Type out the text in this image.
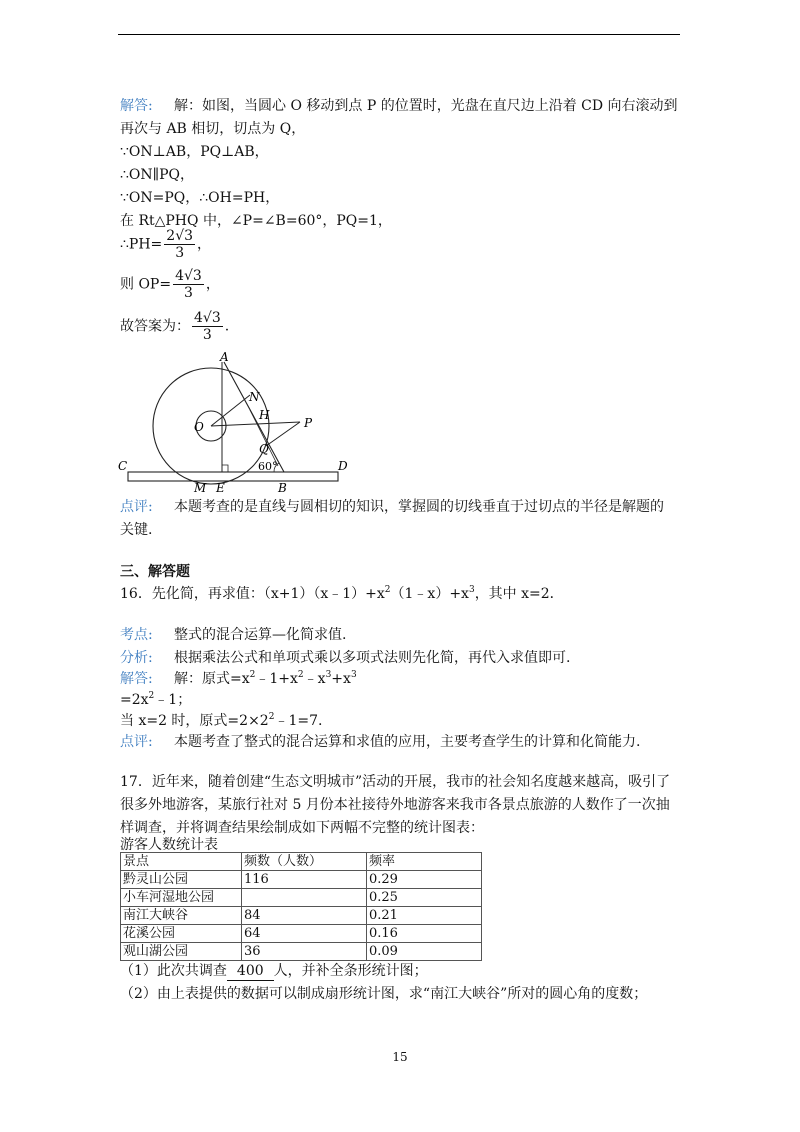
解答: 解：如图，当圆心 O 移动到点 P 的位置时，光盘在直尺边上沿着 CD 向右滚动到
再次与 AB 相切，切点为 Q，
∵ON⊥AB，PQ⊥AB，
∴ON∥PQ，
∵ON=PQ，∴OH=PH，
在 Rt△PHQ 中，∠P=∠B=60°，PQ=1，
∴PH= $\frac{2√3}{3}$ ，
则 $OP= \frac{4√3}{3}$ ，
故答案为： $\frac{4√3}{3}$ .
A
N
H
O	P
Q
60°
C
M E	B
D
点评: 本题考查的是直线与圆相切的知识，掌握圆的切线垂直于过切点的半径是解题的
关键.
三、解答题
16．先化简，再求值：$(x+1)(x﹣1)+x^2(1﹣x)+x^3$，其中 x=2．
考点: 整式的混合运算—化简求值.
分析: 根据乘法公式和单项式乘以多项式法则先化简，再代入求值即可.
解答: 解：原式$=x^2﹣1+x^2﹣x^3+x^3$
$=2x^2﹣1$；
当 x=2 时，原式$=2\times 2^2﹣1=7$.
点评: 本题考查了整式的混合运算和求值的应用，主要考查学生的计算和化简能力.
17．近年来，随着创建“生态文明城市”活动的开展，我市的社会知名度越来越高，吸引了
很多外地游客，某旅行社对 5 月份本社接待外地游客来我市各景点旅游的人数作了一次抽
样调查，并将调查结果绘制成如下两幅不完整的统计图表：
游客人数统计表
景点	频数（人数）	频率
黔灵山公园	116	0.29
小车河湿地公园		0.25
南江大峡谷	84	0.21
花溪公园	64	0.16
观山湖公园	36	0.09
（1）此次共调查 400 人，并补全条形统计图；
（2）由上表提供的数据可以制成扇形统计图，求“南江大峡谷”所对的圆心角的度数；
15
